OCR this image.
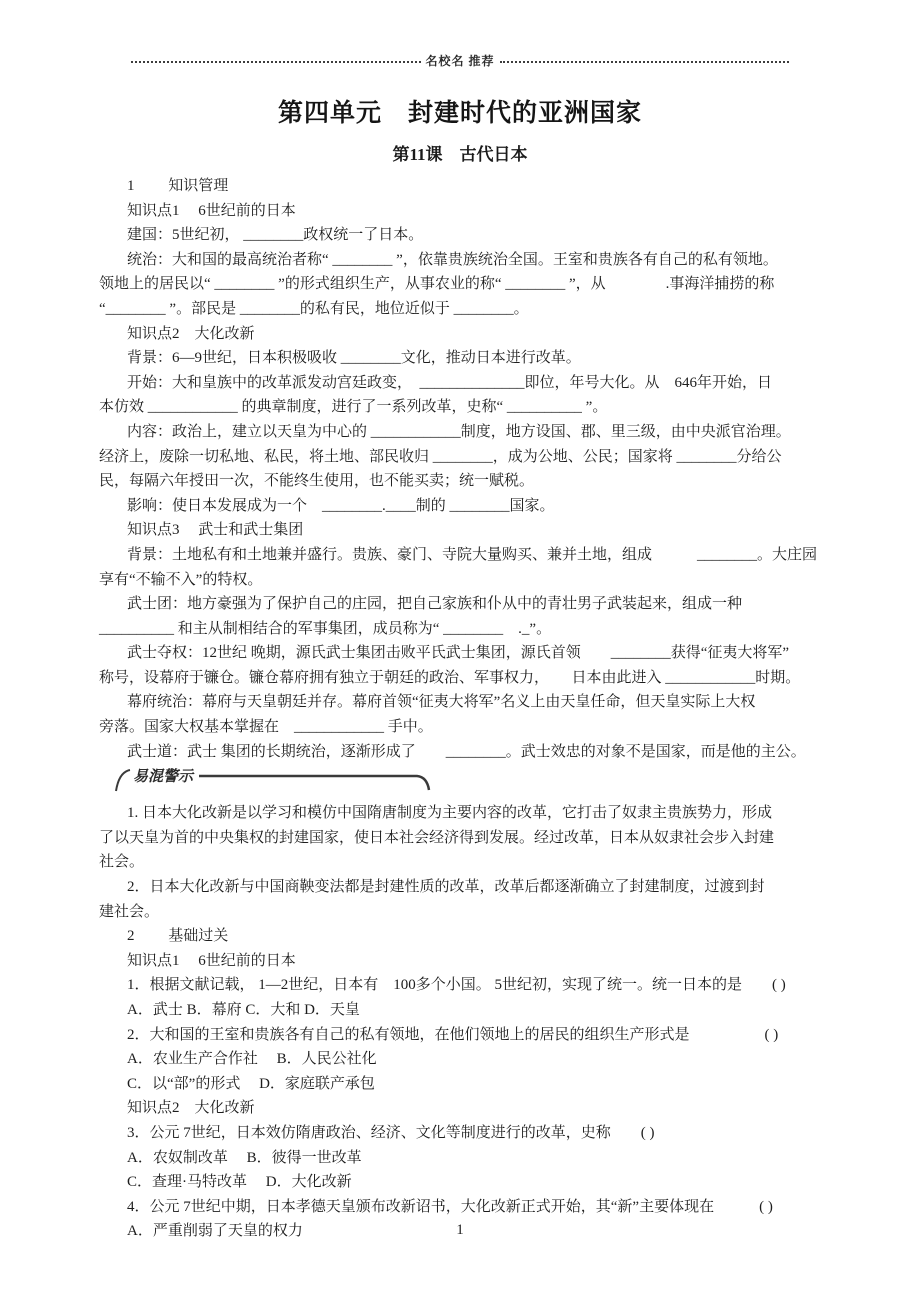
名校名 推荐
第四单元　封建时代的亚洲国家
第11课　古代日本
1　　 知识管理
知识点1　 6世纪前的日本
建国：5世纪初， ________政权统一了日本。
统治：大和国的最高统治者称“ ________ ”，依靠贵族统治全国。王室和贵族各有自己的私有领地。
领地上的居民以“ ________ ”的形式组织生产，从事农业的称“ ________ ”，从　　　　.事海洋捕捞的称
“________ ”。部民是 ________的私有民，地位近似于 ________。
知识点2　大化改新
背景：6—9世纪，日本积极吸收 ________文化，推动日本进行改革。
开始：大和皇族中的改革派发动宫廷政变，　______________即位，年号大化。从　646年开始，日
本仿效 ____________ 的典章制度，进行了一系列改革，史称“ __________ ”。
内容：政治上，建立以天皇为中心的 ____________制度，地方设国、郡、里三级，由中央派官治理。
经济上，废除一切私地、私民，将土地、部民收归 ________，成为公地、公民；国家将 ________分给公
民，每隔六年授田一次，不能终生使用，也不能买卖；统一赋税。
影响：使日本发展成为一个　________.____制的 ________国家。
知识点3　 武士和武士集团
背景：土地私有和土地兼并盛行。贵族、豪门、寺院大量购买、兼并土地，组成　　　________。大庄园
享有“不输不入”的特权。
武士团：地方豪强为了保护自己的庄园，把自己家族和仆从中的青壮男子武装起来，组成一种
__________ 和主从制相结合的军事集团，成员称为“ ________　._”。
武士夺权：12世纪 晚期，源氏武士集团击败平氏武士集团，源氏首领　　________获得“征夷大将军”
称号，设幕府于镰仓。镰仓幕府拥有独立于朝廷的政治、军事权力，　　日本由此进入 ____________时期。
幕府统治：幕府与天皇朝廷并存。幕府首领“征夷大将军”名义上由天皇任命，但天皇实际上大权
旁落。国家大权基本掌握在　____________ 手中。
武士道：武士 集团的长期统治，逐渐形成了　　________。武士效忠的对象不是国家，而是他的主公。
易混警示
1. 日本大化改新是以学习和模仿中国隋唐制度为主要内容的改革，它打击了奴隶主贵族势力，形成
了以天皇为首的中央集权的封建国家，使日本社会经济得到发展。经过改革，日本从奴隶社会步入封建
社会。
2．日本大化改新与中国商鞅变法都是封建性质的改革，改革后都逐渐确立了封建制度，过渡到封
建社会。
2　　 基础过关
知识点1　 6世纪前的日本
1．根据文献记载， 1—2世纪，日本有　100多个小国。 5世纪初，实现了统一。统一日本的是　　( )
A．武士 B．幕府 C．大和 D．天皇
2．大和国的王室和贵族各有自己的私有领地，在他们领地上的居民的组织生产形式是　　　　　( )
A．农业生产合作社　 B．人民公社化
C．以“部”的形式　 D．家庭联产承包
知识点2　大化改新
3．公元 7世纪，日本效仿隋唐政治、经济、文化等制度进行的改革，史称　　( )
A．农奴制改革　 B．彼得一世改革
C．查理·马特改革　 D．大化改新
4．公元 7世纪中期，日本孝德天皇颁布改新诏书，大化改新正式开始，其“新”主要体现在　　　( )
A．严重削弱了天皇的权力	1
